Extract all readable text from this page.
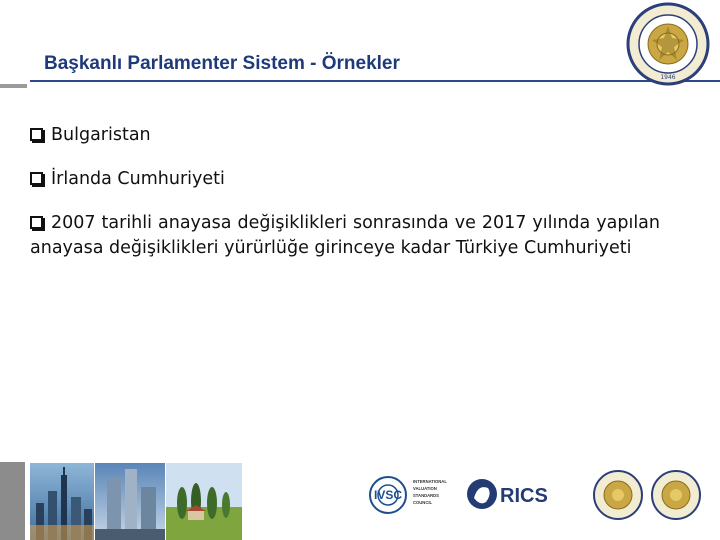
Başkanlı Parlamenter Sistem - Örnekler
1946
Bulgaristan
İrlanda Cumhuriyeti
2007 tarihli anayasa değişiklikleri sonrasında ve 2017 yılında yapılan anayasa değişiklikleri yürürlüğe girinceye kadar Türkiye Cumhuriyeti
IVSC
INTERNATIONAL
VALUATION
STANDARDS
COUNCIL	RICS
